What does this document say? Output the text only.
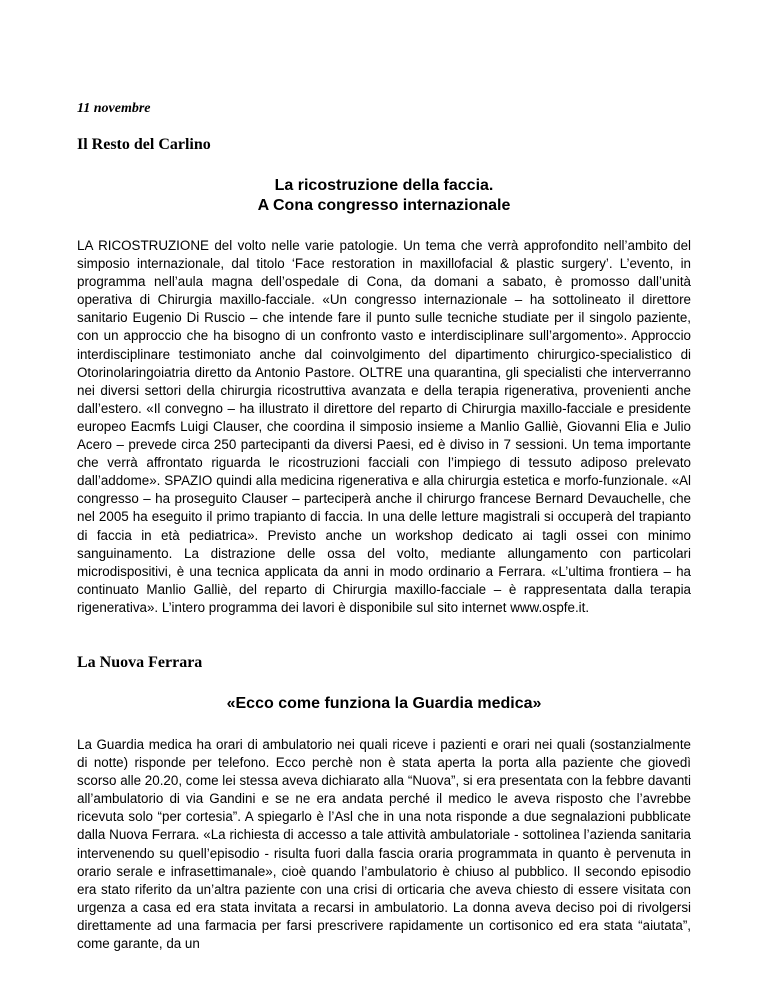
11 novembre
Il Resto del Carlino
La ricostruzione della faccia.
A Cona congresso internazionale

LA RICOSTRUZIONE del volto nelle varie patologie. Un tema che verrà approfondito nell’ambito del simposio internazionale, dal titolo ‘Face restoration in maxillofacial & plastic surgery’. L’evento, in programma nell’aula magna dell’ospedale di Cona, da domani a sabato, è promosso dall’unità operativa di Chirurgia maxillo-facciale. «Un congresso internazionale – ha sottolineato il direttore sanitario Eugenio Di Ruscio – che intende fare il punto sulle tecniche studiate per il singolo paziente, con un approccio che ha bisogno di un confronto vasto e interdisciplinare sull’argomento». Approccio interdisciplinare testimoniato anche dal coinvolgimento del dipartimento chirurgico-specialistico di Otorinolaringoiatria diretto da Antonio Pastore. OLTRE una quarantina, gli specialisti che interverranno nei diversi settori della chirurgia ricostruttiva avanzata e della terapia rigenerativa, provenienti anche dall’estero. «Il convegno – ha illustrato il direttore del reparto di Chirurgia maxillo-facciale e presidente europeo Eacmfs Luigi Clauser, che coordina il simposio insieme a Manlio Galliè, Giovanni Elia e Julio Acero – prevede circa 250 partecipanti da diversi Paesi, ed è diviso in 7 sessioni. Un tema importante che verrà affrontato riguarda le ricostruzioni facciali con l’impiego di tessuto adiposo prelevato dall’addome». SPAZIO quindi alla medicina rigenerativa e alla chirurgia estetica e morfo-funzionale. «Al congresso – ha proseguito Clauser – parteciperà anche il chirurgo francese Bernard Devauchelle, che nel 2005 ha eseguito il primo trapianto di faccia. In una delle letture magistrali si occuperà del trapianto di faccia in età pediatrica». Previsto anche un workshop dedicato ai tagli ossei con minimo sanguinamento. La distrazione delle ossa del volto, mediante allungamento con particolari microdispositivi, è una tecnica applicata da anni in modo ordinario a Ferrara. «L’ultima frontiera – ha continuato Manlio Galliè, del reparto di Chirurgia maxillo-facciale – è rappresentata dalla terapia rigenerativa». L’intero programma dei lavori è disponibile sul sito internet www.ospfe.it.

La Nuova Ferrara
«Ecco come funziona la Guardia medica»

La Guardia medica ha orari di ambulatorio nei quali riceve i pazienti e orari nei quali (sostanzialmente di notte) risponde per telefono. Ecco perchè non è stata aperta la porta alla paziente che giovedì scorso alle 20.20, come lei stessa aveva dichiarato alla “Nuova”, si era presentata con la febbre davanti all’ambulatorio di via Gandini e se ne era andata perché il medico le aveva risposto che l’avrebbe ricevuta solo “per cortesia”. A spiegarlo è l’Asl che in una nota risponde a due segnalazioni pubblicate dalla Nuova Ferrara. «La richiesta di accesso a tale attività ambulatoriale - sottolinea l’azienda sanitaria intervenendo su quell’episodio - risulta fuori dalla fascia oraria programmata in quanto è pervenuta in orario serale e infrasettimanale», cioè quando l’ambulatorio è chiuso al pubblico. Il secondo episodio era stato riferito da un’altra paziente con una crisi di orticaria che aveva chiesto di essere visitata con urgenza a casa ed era stata invitata a recarsi in ambulatorio. La donna aveva deciso poi di rivolgersi direttamente ad una farmacia per farsi prescrivere rapidamente un cortisonico ed era stata “aiutata”, come garante, da un
